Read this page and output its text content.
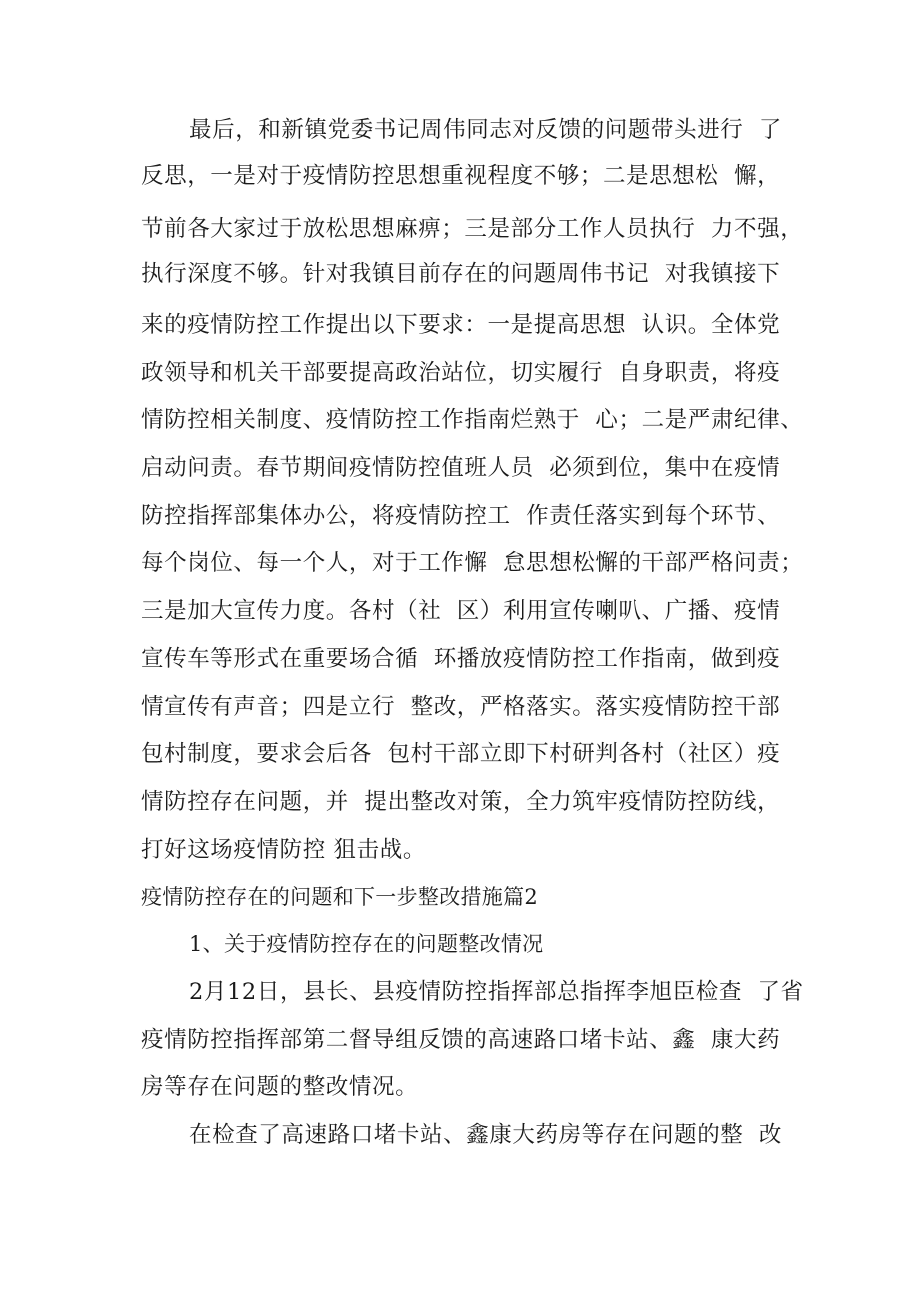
最后，和新镇党委书记周伟同志对反馈的问题带头进行  了
反思，一是对于疫情防控思想重视程度不够；二是思想松  懈，
节前各大家过于放松思想麻痹；三是部分工作人员执行  力不强，
执行深度不够。针对我镇目前存在的问题周伟书记  对我镇接下
来的疫情防控工作提出以下要求：一是提高思想  认识。全体党
政领导和机关干部要提高政治站位，切实履行  自身职责，将疫
情防控相关制度、疫情防控工作指南烂熟于  心；二是严肃纪律、
启动问责。春节期间疫情防控值班人员  必须到位，集中在疫情
防控指挥部集体办公，将疫情防控工  作责任落实到每个环节、
每个岗位、每一个人，对于工作懈  怠思想松懈的干部严格问责；
三是加大宣传力度。各村（社  区）利用宣传喇叭、广播、疫情
宣传车等形式在重要场合循  环播放疫情防控工作指南，做到疫
情宣传有声音；四是立行  整改，严格落实。落实疫情防控干部
包村制度，要求会后各  包村干部立即下村研判各村（社区）疫
情防控存在问题，并  提出整改对策，全力筑牢疫情防控防线，
打好这场疫情防控 狙击战。
疫情防控存在的问题和下一步整改措施篇2
1、关于疫情防控存在的问题整改情况
2月12日，县长、县疫情防控指挥部总指挥李旭臣检查  了省
疫情防控指挥部第二督导组反馈的高速路口堵卡站、鑫  康大药
房等存在问题的整改情况。
在检查了高速路口堵卡站、鑫康大药房等存在问题的整  改
